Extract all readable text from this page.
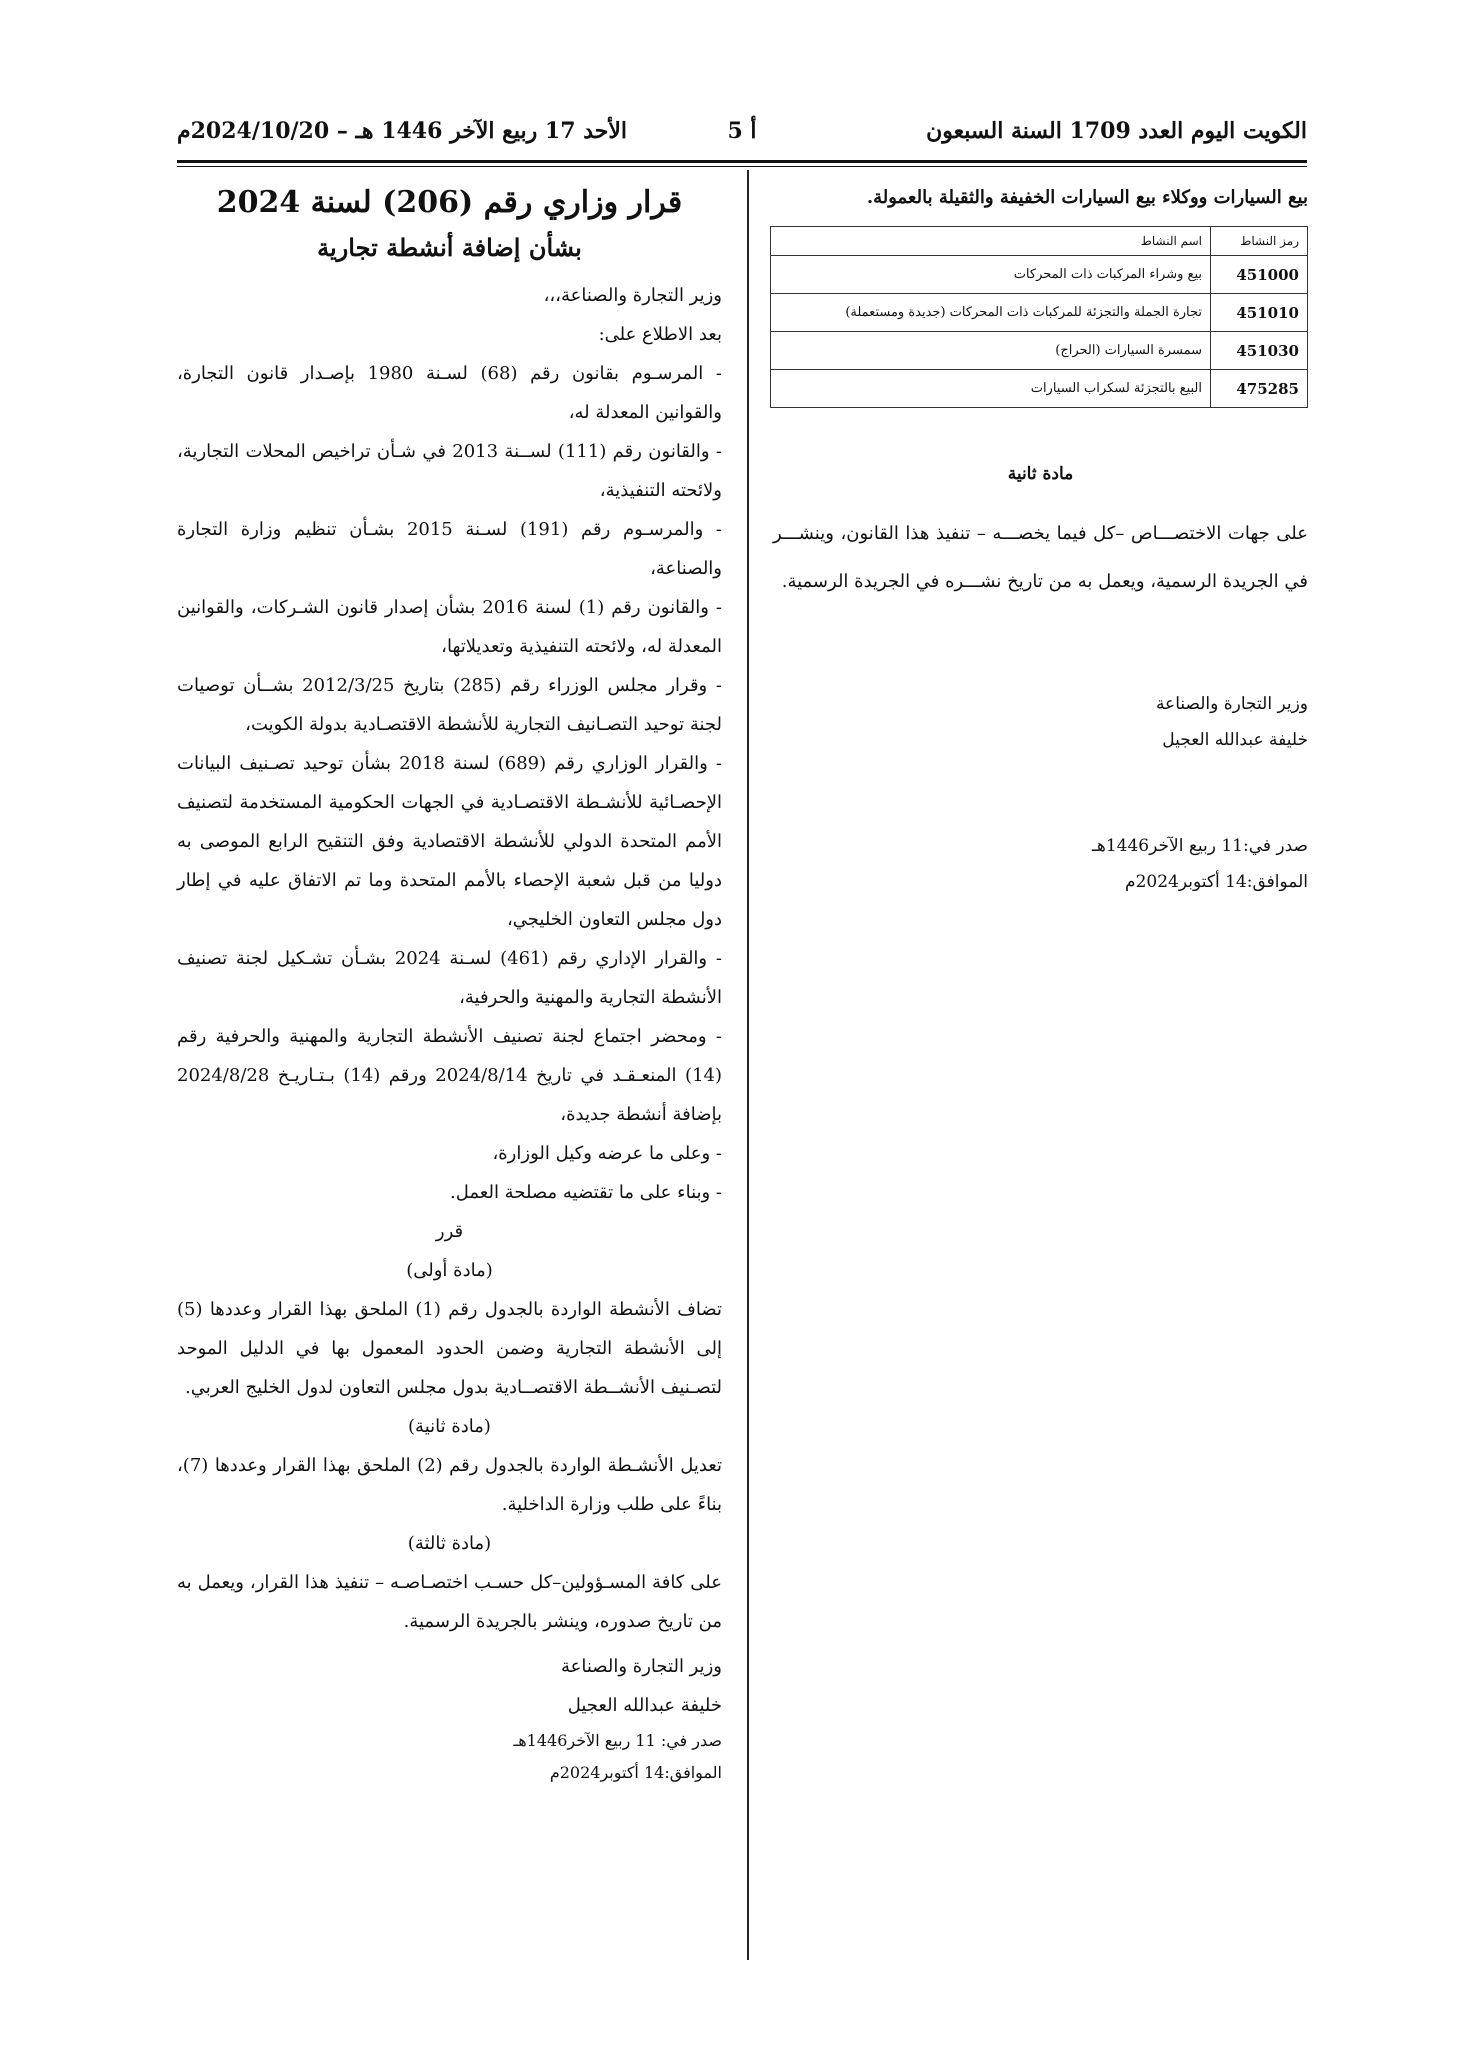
الكويت اليوم العدد 1709 السنة السبعون
أ 5
الأحد 17 ربيع الآخر 1446 هـ – 2024/10/20م

بيع السيارات ووكلاء بيع السيارات الخفيفة والثقيلة بالعمولة.

رمز النشاط	اسم النشاط
451000	بيع وشراء المركبات ذات المحركات
451010	تجارة الجملة والتجزئة للمركبات ذات المحركات (جديدة ومستعملة)
451030	سمسرة السيارات (الحراج)
475285	البيع بالتجزئة لسكراب السيارات

مادة ثانية

على جهات الاختصـــاص –كل فيما يخصـــه – تنفيذ هذا القانون، وينشـــر في الجريدة الرسمية، ويعمل به من تاريخ نشـــره في الجريدة الرسمية.

وزير التجارة والصناعة

خليفة عبدالله العجيل

صدر في:11 ربيع الآخر1446هـ

الموافق:14 أكتوبر2024م

قرار وزاري رقم (206) لسنة 2024
بشأن إضافة أنشطة تجارية

وزير التجارة والصناعة،،،

بعد الاطلاع على:

- المرسـوم بقانون رقم (68) لسـنة 1980 بإصـدار قانون التجارة، والقوانين المعدلة له،

- والقانون رقم (111) لســنة 2013 في شـأن تراخيص المحلات التجارية، ولائحته التنفيذية،

- والمرسـوم رقم (191) لسـنة 2015 بشـأن تنظيم وزارة التجارة والصناعة،

- والقانون رقم (1) لسنة 2016 بشأن إصدار قانون الشـركات، والقوانين المعدلة له، ولائحته التنفيذية وتعديلاتها،

- وقرار مجلس الوزراء رقم (285) بتاريخ 2012/3/25 بشــأن توصيات لجنة توحيد التصـانيف التجارية للأنشطة الاقتصـادية بدولة الكويت،

- والقرار الوزاري رقم (689) لسنة 2018 بشأن توحيد تصـنيف البيانات الإحصـائية للأنشـطة الاقتصـادية في الجهات الحكومية المستخدمة لتصنيف الأمم المتحدة الدولي للأنشطة الاقتصادية وفق التنقيح الرابع الموصى به دوليا من قبل شعبة الإحصاء بالأمم المتحدة وما تم الاتفاق عليه في إطار دول مجلس التعاون الخليجي،

- والقرار الإداري رقم (461) لسـنة 2024 بشـأن تشـكيل لجنة تصنيف الأنشطة التجارية والمهنية والحرفية،

- ومحضر اجتماع لجنة تصنيف الأنشطة التجارية والمهنية والحرفية رقم (14) المنعـقـد في تاريخ 2024/8/14 ورقم (14) بـتـاريـخ 2024/8/28 بإضافة أنشطة جديدة،

- وعلى ما عرضه وكيل الوزارة،

- وبناء على ما تقتضيه مصلحة العمل.

قرر

(مادة أولى)

تضاف الأنشطة الواردة بالجدول رقم (1) الملحق بهذا القرار وعددها (5) إلى الأنشطة التجارية وضمن الحدود المعمول بها في الدليل الموحد لتصـنيف الأنشــطة الاقتصــادية بدول مجلس التعاون لدول الخليج العربي.

(مادة ثانية)

تعديل الأنشـطة الواردة بالجدول رقم (2) الملحق بهذا القرار وعددها (7)، بناءً على طلب وزارة الداخلية.

(مادة ثالثة)

على كافة المسـؤولين–كل حسـب اختصـاصـه – تنفيذ هذا القرار، ويعمل به من تاريخ صدوره، وينشر بالجريدة الرسمية.

وزير التجارة والصناعة

خليفة عبدالله العجيل

صدر في: 11 ربيع الآخر1446هـ

الموافق:14 أكتوبر2024م
